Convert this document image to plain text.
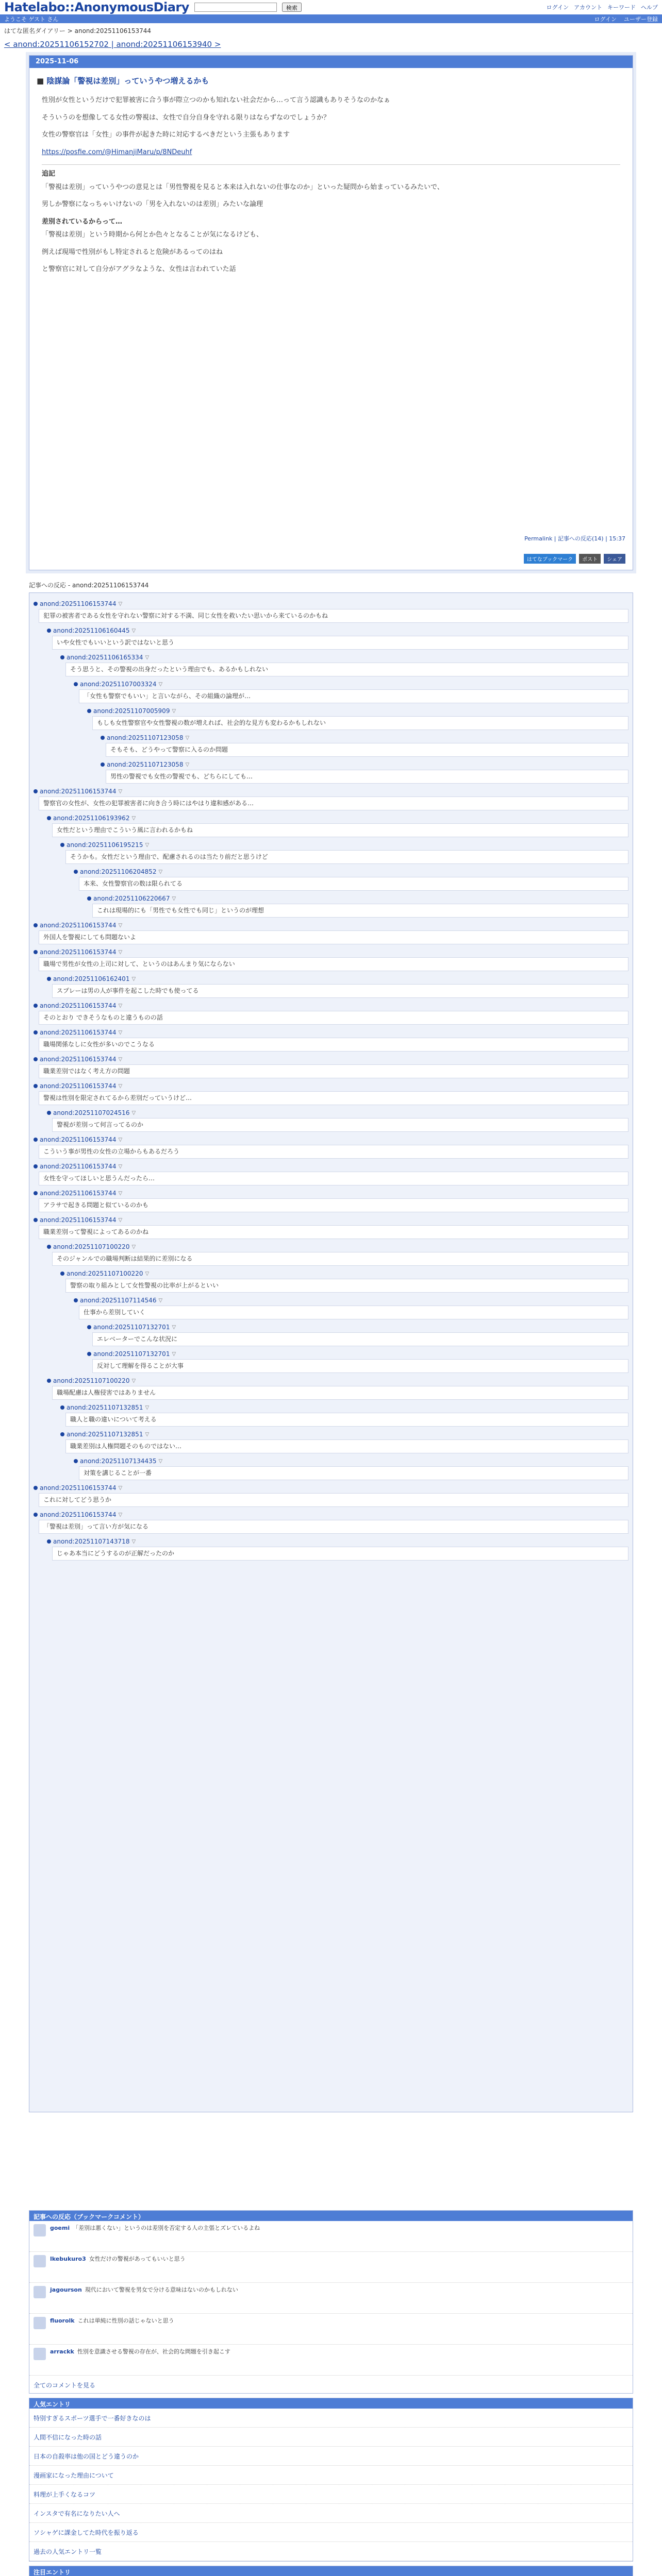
Hatelabo::AnonymousDiary	検索	ログイン アカウント キーワード ヘルプ
ようこそ ゲスト さん	ログイン ユーザー登録
はてな匿名ダイアリー > anond:20251106153744
< anond:20251106152702 | anond:20251106153940 >
2025-11-06
■ 陰謀論「警視は差別」っていうやつ増えるかも

性別が女性というだけで犯罪被害に合う事が際立つのかも知れない社会だから…って言う認識もありそうなのかなぁ

そういうのを想像してる女性の警視は、女性で自分自身を守れる限りはならずなのでしょうか？

女性の警察官は「女性」の事件が起きた時に対応するべきだという主張もあります

https://posfie.com/@HimanjiMaru/p/8NDeuhf

追記

「警視は差別」っていうやつの意見とは「男性警視を見ると本来は入れないの仕事なのか」といった疑問から始まっているみたいで、

男しか警察になっちゃいけないの「男を入れないのは差別」みたいな論理

差別されているからって…

「警視は差別」という時期から何とか色々となることが気になるけども、

例えば現場で性別がもし特定されると危険があるってのはね

と警察官に対して自分がアグラなような、女性は言われていた話

Permalink | 記事への反応(14) | 15:37
はてなブックマーク	ポスト	シェア
記事への反応 - anond:20251106153744
anond:20251106153744 ▽
犯罪の被害者である女性を守れない警察に対する不満、同じ女性を救いたい思いから来ているのかもね
anond:20251106160445 ▽
いや女性でもいいという訳ではないと思う
anond:20251106165334 ▽
そう思うと、その警視の出身だったという理由でも、あるかもしれない
anond:20251107003324 ▽
「女性も警察でもいい」と言いながら、その組織の論理が…
anond:20251107005909 ▽
もしも女性警察官や女性警視の数が増えれば、社会的な見方も変わるかもしれない
anond:20251107123058 ▽
そもそも、どうやって警察に入るのか問題
anond:20251107123058 ▽
男性の警視でも女性の警視でも、どちらにしても…
anond:20251106153744 ▽
警察官の女性が、女性の犯罪被害者に向き合う時にはやはり違和感がある…
anond:20251106193962 ▽
女性だという理由でこういう風に言われるかもね
anond:20251106195215 ▽
そうかも。女性だという理由で、配慮されるのは当たり前だと思うけど
anond:20251106204852 ▽
本来、女性警察官の数は限られてる
anond:20251106220667 ▽
これは現場的にも「男性でも女性でも同じ」というのが理想
anond:20251106153744 ▽
外国人を警視にしても問題ないよ
anond:20251106153744 ▽
職場で男性が女性の上司に対して、というのはあんまり気にならない
anond:20251106162401 ▽
スプレーは男の人が事件を起こした時でも使ってる
anond:20251106153744 ▽
そのとおり できそうなものと違うものの話
anond:20251106153744 ▽
職場関係なしに女性が多いのでこうなる
anond:20251106153744 ▽
職業差別ではなく考え方の問題
anond:20251106153744 ▽
警視は性別を限定されてるから差別だっていうけど…
anond:20251107024516 ▽
警視が差別って何言ってるのか
anond:20251106153744 ▽
こういう事が男性の女性の立場からもあるだろう
anond:20251106153744 ▽
女性を守ってほしいと思うんだったら…
anond:20251106153744 ▽
アラサで起きる問題と似ているのかも
anond:20251106153744 ▽
職業差別って警視によってあるのかね
anond:20251107100220 ▽
そのジャンルでの職場判断は結果的に差別になる
anond:20251107100220 ▽
警察の取り組みとして女性警視の比率が上がるといい
anond:20251107114546 ▽
仕事から差別していく
anond:20251107132701 ▽
エレベーターでこんな状況に
anond:20251107132701 ▽
反対して理解を得ることが大事
anond:20251107100220 ▽
職場配慮は人権侵害ではありません
anond:20251107132851 ▽
職人と職の違いについて考える
anond:20251107132851 ▽
職業差別は人権問題そのものではない…
anond:20251107134435 ▽
対策を講じることが一番
anond:20251106153744 ▽
これに対してどう思うか
anond:20251106153744 ▽
「警視は差別」って言い方が気になる
anond:20251107143718 ▽
じゃあ本当にどうするのが正解だったのか
記事への反応（ブックマークコメント）
goemi 「差別は悪くない」というのは差別を否定する人の主張とズレているよね
lkebukuro3 女性だけの警視があってもいいと思う
jagourson 現代において警視を男女で分ける意味はないのかもしれない
fluorolk これは単純に性別の話じゃないと思う
arrackk 性別を意識させる警視の存在が、社会的な問題を引き起こす
全てのコメントを見る
人気エントリ
特別すぎるスポーツ選手で一番好きなのは
人間不信になった時の話
日本の自殺率は他の国とどう違うのか
漫画家になった理由について
料理が上手くなるコツ
インスタで有名になりたい人へ
ソシャゲに課金してた時代を振り返る
過去の人気エントリ一覧
注目エントリ
